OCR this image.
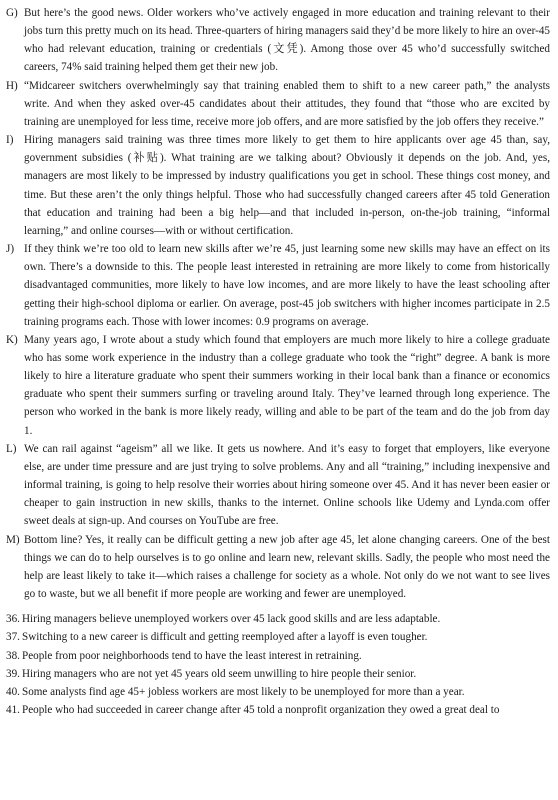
G) But here’s the good news. Older workers who’ve actively engaged in more education and training relevant to their jobs turn this pretty much on its head. Three-quarters of hiring managers said they’d be more likely to hire an over-45 who had relevant education, training or credentials (文凭). Among those over 45 who’d successfully switched careers, 74% said training helped them get their new job.

H) “Midcareer switchers overwhelmingly say that training enabled them to shift to a new career path,” the analysts write. And when they asked over-45 candidates about their attitudes, they found that “those who are excited by training are unemployed for less time, receive more job offers, and are more satisfied by the job offers they receive.”

I) Hiring managers said training was three times more likely to get them to hire applicants over age 45 than, say, government subsidies (补贴). What training are we talking about? Obviously it depends on the job. And, yes, managers are most likely to be impressed by industry qualifications you get in school. These things cost money, and time. But these aren’t the only things helpful. Those who had successfully changed careers after 45 told Generation that education and training had been a big help—and that included in-person, on-the-job training, “informal learning,” and online courses—with or without certification.

J) If they think we’re too old to learn new skills after we’re 45, just learning some new skills may have an effect on its own. There’s a downside to this. The people least interested in retraining are more likely to come from historically disadvantaged communities, more likely to have low incomes, and are more likely to have the least schooling after getting their high-school diploma or earlier. On average, post-45 job switchers with higher incomes participate in 2.5 training programs each. Those with lower incomes: 0.9 programs on average.

K) Many years ago, I wrote about a study which found that employers are much more likely to hire a college graduate who has some work experience in the industry than a college graduate who took the “right” degree. A bank is more likely to hire a literature graduate who spent their summers working in their local bank than a finance or economics graduate who spent their summers surfing or traveling around Italy. They’ve learned through long experience. The person who worked in the bank is more likely ready, willing and able to be part of the team and do the job from day 1.

L) We can rail against “ageism” all we like. It gets us nowhere. And it’s easy to forget that employers, like everyone else, are under time pressure and are just trying to solve problems. Any and all “training,” including inexpensive and informal training, is going to help resolve their worries about hiring someone over 45. And it has never been easier or cheaper to gain instruction in new skills, thanks to the internet. Online schools like Udemy and Lynda.com offer sweet deals at sign-up. And courses on YouTube are free.

M) Bottom line? Yes, it really can be difficult getting a new job after age 45, let alone changing careers. One of the best things we can do to help ourselves is to go online and learn new, relevant skills. Sadly, the people who most need the help are least likely to take it—which raises a challenge for society as a whole. Not only do we not want to see lives go to waste, but we all benefit if more people are working and fewer are unemployed.

36. Hiring managers believe unemployed workers over 45 lack good skills and are less adaptable.

37. Switching to a new career is difficult and getting reemployed after a layoff is even tougher.

38. People from poor neighborhoods tend to have the least interest in retraining.

39. Hiring managers who are not yet 45 years old seem unwilling to hire people their senior.

40. Some analysts find age 45+ jobless workers are most likely to be unemployed for more than a year.

41. People who had succeeded in career change after 45 told a nonprofit organization they owed a great deal to
